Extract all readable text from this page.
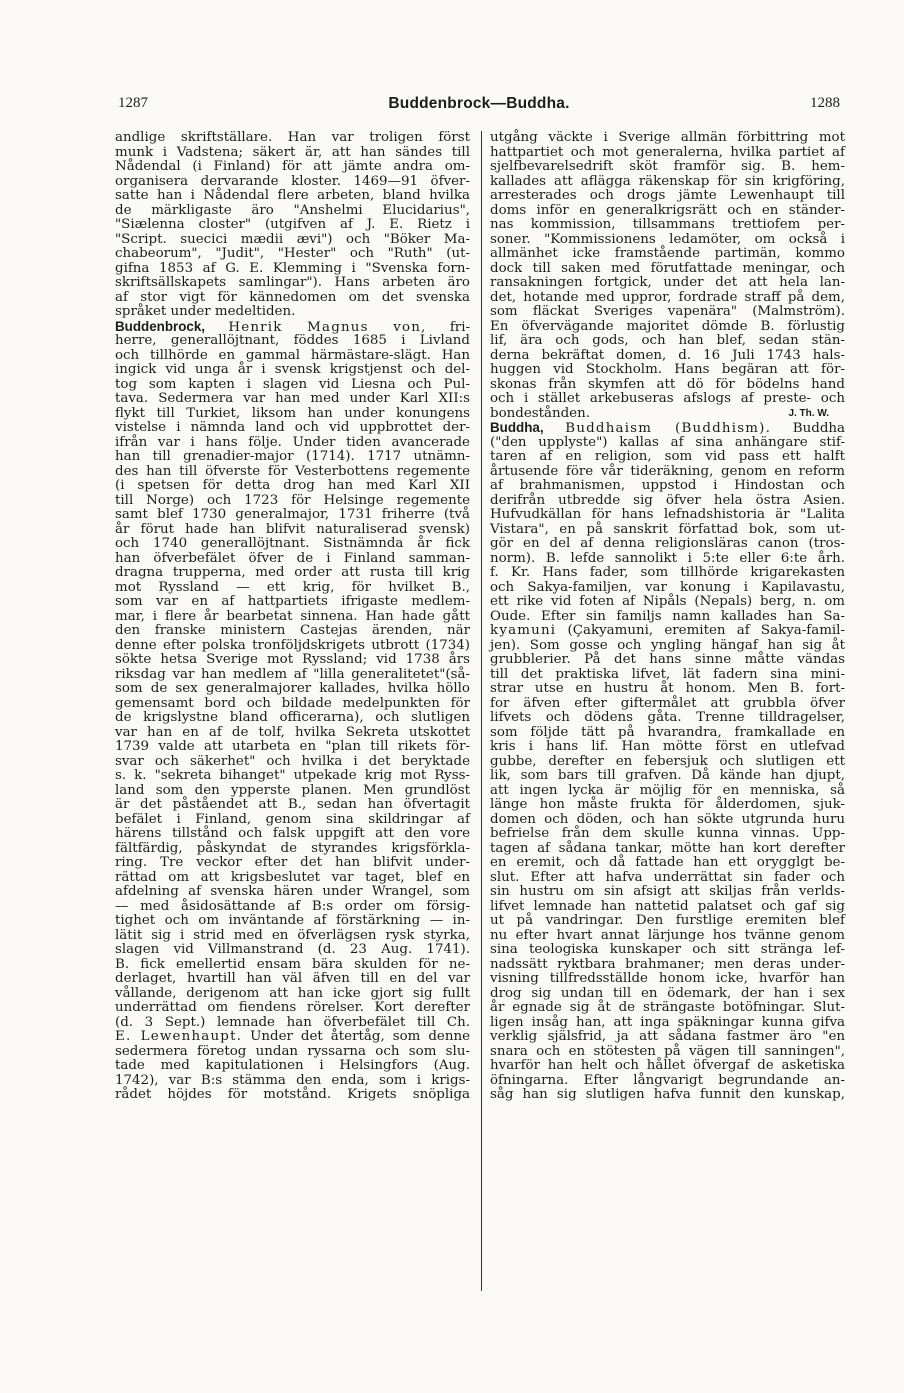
1287	Buddenbrock—Buddha.	1288
andlige skriftställare. Han var troligen först
munk i Vadstena; säkert är, att han sändes till
Nådendal (i Finland) för att jämte andra om-
organisera dervarande kloster. 1469—91 öfver-
satte han i Nådendal flere arbeten, bland hvilka
de märkligaste äro "Anshelmi Elucidarius",
"Siælenna closter" (utgifven af J. E. Rietz i
"Script. suecici mædii ævi") och "Böker Ma-
chabeorum", "Judit", "Hester" och "Ruth" (ut-
gifna 1853 af G. E. Klemming i "Svenska forn-
skriftsällskapets samlingar"). Hans arbeten äro
af stor vigt för kännedomen om det svenska
språket under medeltiden.
Buddenbrock, Henrik Magnus von, fri-
herre, generallöjtnant, föddes 1685 i Livland
och tillhörde en gammal härmästare-slägt. Han
ingick vid unga år i svensk krigstjenst och del-
tog som kapten i slagen vid Liesna och Pul-
tava. Sedermera var han med under Karl XII:s
flykt till Turkiet, liksom han under konungens
vistelse i nämnda land och vid uppbrottet der-
ifrån var i hans följe. Under tiden avancerade
han till grenadier-major (1714). 1717 utnämn-
des han till öfverste för Vesterbottens regemente
(i spetsen för detta drog han med Karl XII
till Norge) och 1723 för Helsinge regemente
samt blef 1730 generalmajor, 1731 friherre (två
år förut hade han blifvit naturaliserad svensk)
och 1740 generallöjtnant. Sistnämnda år fick
han öfverbefälet öfver de i Finland samman-
dragna trupperna, med order att rusta till krig
mot Ryssland — ett krig, för hvilket B.,
som var en af hattpartiets ifrigaste medlem-
mar, i flere år bearbetat sinnena. Han hade gått
den franske ministern Castejas ärenden, när
denne efter polska tronföljdskrigets utbrott (1734)
sökte hetsa Sverige mot Ryssland; vid 1738 års
riksdag var han medlem af "lilla generalitetet"(så-
som de sex generalmajorer kallades, hvilka höllo
gemensamt bord och bildade medelpunkten för
de krigslystne bland officerarna), och slutligen
var han en af de tolf, hvilka Sekreta utskottet
1739 valde att utarbeta en "plan till rikets för-
svar och säkerhet" och hvilka i det beryktade
s. k. "sekreta bihanget" utpekade krig mot Ryss-
land som den ypperste planen. Men grundlöst
är det påståendet att B., sedan han öfvertagit
befälet i Finland, genom sina skildringar af
härens tillstånd och falsk uppgift att den vore
fältfärdig, påskyndat de styrandes krigsförkla-
ring. Tre veckor efter det han blifvit under-
rättad om att krigsbeslutet var taget, blef en
afdelning af svenska hären under Wrangel, som
— med åsidosättande af B:s order om försig-
tighet och om inväntande af förstärkning — in-
lätit sig i strid med en öfverlägsen rysk styrka,
slagen vid Villmanstrand (d. 23 Aug. 1741).
B. fick emellertid ensam bära skulden för ne-
derlaget, hvartill han väl äfven till en del var
vållande, derigenom att han icke gjort sig fullt
underrättad om fiendens rörelser. Kort derefter
(d. 3 Sept.) lemnade han öfverbefälet till Ch.
E. Lewenhaupt. Under det återtåg, som denne
sedermera företog undan ryssarna och som slu-
tade med kapitulationen i Helsingfors (Aug.
1742), var B:s stämma den enda, som i krigs-
rådet höjdes för motstånd. Krigets snöpliga
utgång väckte i Sverige allmän förbittring mot
hattpartiet och mot generalerna, hvilka partiet af
sjelfbevarelsedrift sköt framför sig. B. hem-
kallades att aflägga räkenskap för sin krigföring,
arresterades och drogs jämte Lewenhaupt till
doms inför en generalkrigsrätt och en ständer-
nas kommission, tillsammans trettiofem per-
soner. "Kommissionens ledamöter, om också i
allmänhet icke framstående partimän, kommo
dock till saken med förutfattade meningar, och
ransakningen fortgick, under det att hela lan-
det, hotande med uppror, fordrade straff på dem,
som fläckat Sveriges vapenära" (Malmström).
En öfvervägande majoritet dömde B. förlustig
lif, ära och gods, och han blef, sedan stän-
derna bekräftat domen, d. 16 Juli 1743 hals-
huggen vid Stockholm. Hans begäran att för-
skonas från skymfen att dö för bödelns hand
och i stället arkebuseras afslogs af preste- och
bondestånden.	J. Th. W.
Buddha, Buddhaism (Buddhism). Buddha
("den upplyste") kallas af sina anhängare stif-
taren af en religion, som vid pass ett halft
årtusende före vår tideräkning, genom en reform
af brahmanismen, uppstod i Hindostan och
derifrån utbredde sig öfver hela östra Asien.
Hufvudkällan för hans lefnadshistoria är "Lalita
Vistara", en på sanskrit författad bok, som ut-
gör en del af denna religionsläras canon (tros-
norm). B. lefde sannolikt i 5:te eller 6:te årh.
f. Kr. Hans fader, som tillhörde krigarekasten
och Sakya-familjen, var konung i Kapilavastu,
ett rike vid foten af Nipåls (Nepals) berg, n. om
Oude. Efter sin familjs namn kallades han Sa-
kyamuni (Çakyamuni, eremiten af Sakya-famil-
jen). Som gosse och yngling hängaf han sig åt
grubblerier. På det hans sinne måtte vändas
till det praktiska lifvet, lät fadern sina mini-
strar utse en hustru åt honom. Men B. fort-
for äfven efter giftermålet att grubbla öfver
lifvets och dödens gåta. Trenne tilldragelser,
som följde tätt på hvarandra, framkallade en
kris i hans lif. Han mötte först en utlefvad
gubbe, derefter en febersjuk och slutligen ett
lik, som bars till grafven. Då kände han djupt,
att ingen lycka är möjlig för en menniska, så
länge hon måste frukta för ålderdomen, sjuk-
domen och döden, och han sökte utgrunda huru
befrielse från dem skulle kunna vinnas. Upp-
tagen af sådana tankar, mötte han kort derefter
en eremit, och då fattade han ett orygglgt be-
slut. Efter att hafva underrättat sin fader och
sin hustru om sin afsigt att skiljas från verlds-
lifvet lemnade han nattetid palatset och gaf sig
ut på vandringar. Den furstlige eremiten blef
nu efter hvart annat lärjunge hos tvänne genom
sina teologiska kunskaper och sitt stränga lef-
nadssätt ryktbara brahmaner; men deras under-
visning tillfredsställde honom icke, hvarför han
drog sig undan till en ödemark, der han i sex
år egnade sig åt de strängaste botöfningar. Slut-
ligen insåg han, att inga späkningar kunna gifva
verklig själsfrid, ja att sådana fastmer äro "en
snara och en stötesten på vägen till sanningen",
hvarför han helt och hållet öfvergaf de asketiska
öfningarna. Efter långvarigt begrundande an-
såg han sig slutligen hafva funnit den kunskap,
